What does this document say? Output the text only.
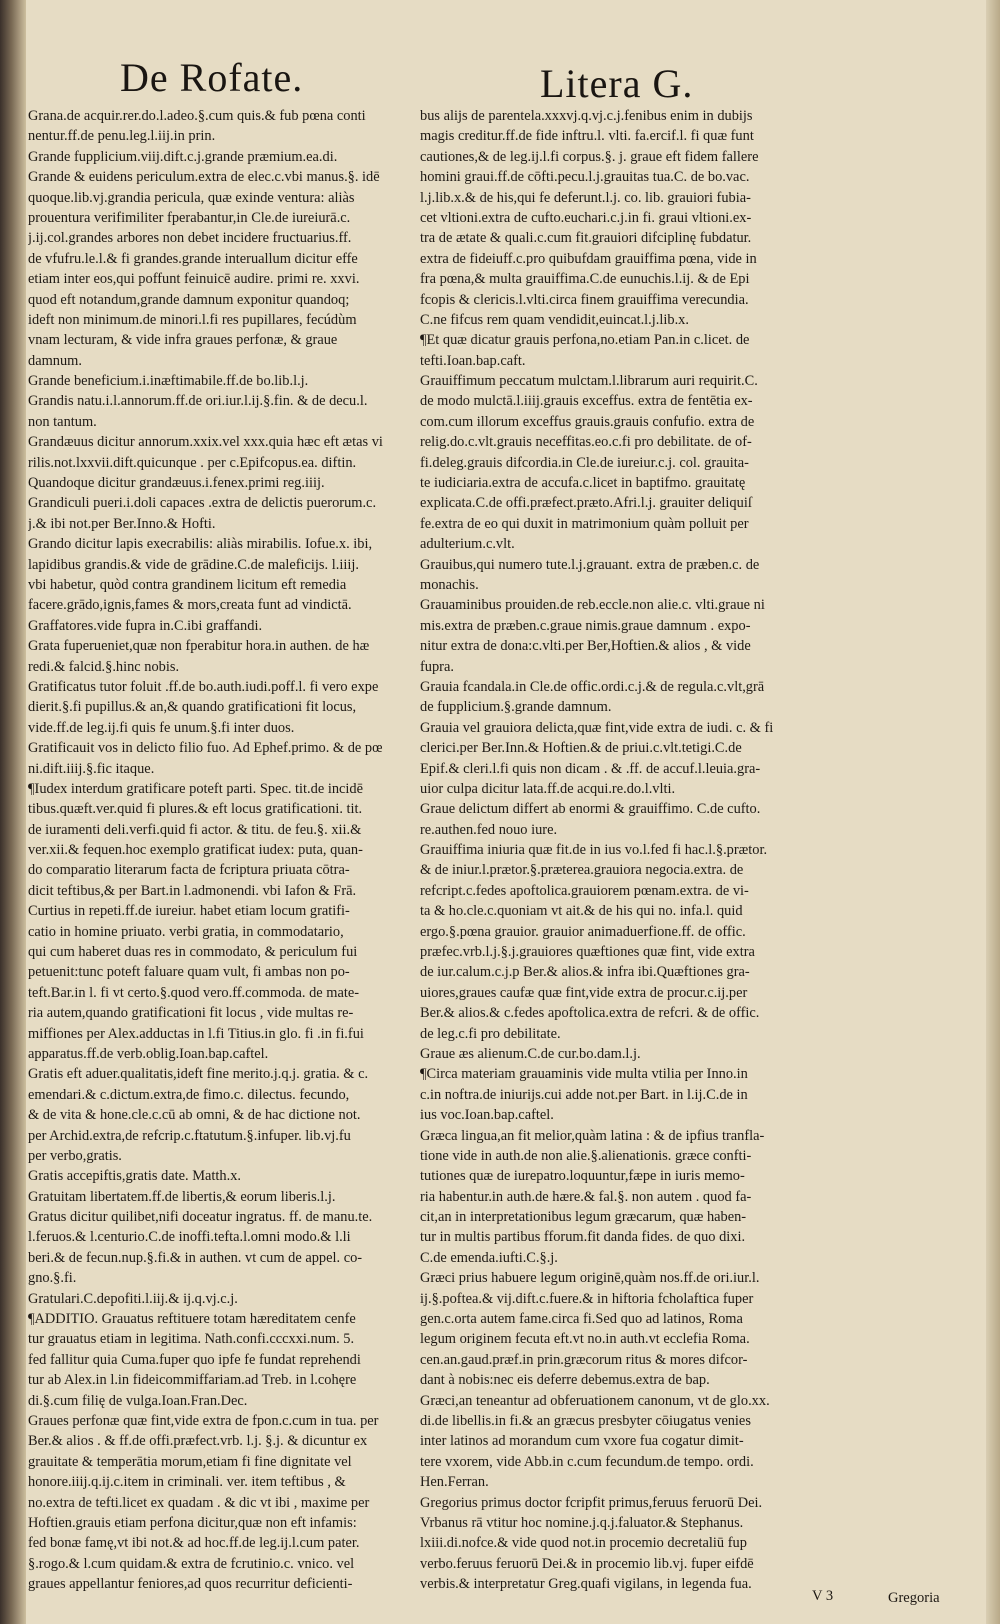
De Rofate.	Litera G.
Grana.de acquir.rer.do.l.adeo.§.cum quis.& fub pœna conti
nentur.ff.de penu.leg.l.iij.in prin.
Grande fupplicium.viij.dift.c.j.grande præmium.ea.di.
Grande & euidens periculum.extra de elec.c.vbi manus.§. idē
quoque.lib.vj.grandia pericula, quæ exinde ventura: aliàs
prouentura verifimiliter fperabantur,in Cle.de iureiurā.c.
j.ij.col.grandes arbores non debet incidere fructuarius.ff.
de vfufru.le.l.& fi grandes.grande interuallum dicitur effe
etiam inter eos,qui poffunt feinuicē audire. primi re. xxvi.
quod eft notandum,grande damnum exponitur quandoq;
ideft non minimum.de minori.l.fi res pupillares, fecúdùm
vnam lecturam, & vide infra graues perfonæ, & graue
damnum.
Grande beneficium.i.inæftimabile.ff.de bo.lib.l.j.
Grandis natu.i.l.annorum.ff.de ori.iur.l.ij.§.fin. & de decu.l.
non tantum.
Grandæuus dicitur annorum.xxix.vel xxx.quia hæc eft ætas vi
rilis.not.lxxvii.dift.quicunque . per c.Epifcopus.ea. diftin.
Quandoque dicitur grandæuus.i.fenex.primi reg.iiij.
Grandiculi pueri.i.doli capaces .extra de delictis puerorum.c.
j.& ibi not.per Ber.Inno.& Hofti.
Grando dicitur lapis execrabilis: aliàs mirabilis. Iofue.x. ibi,
lapidibus grandis.& vide de grādine.C.de maleficijs. l.iiij.
vbi habetur, quòd contra grandinem licitum eft remedia
facere.grādo,ignis,fames & mors,creata funt ad vindictā.
Graffatores.vide fupra in.C.ibi graffandi.
Grata fuperueniet,quæ non fperabitur hora.in authen. de hæ
redi.& falcid.§.hinc nobis.
Gratificatus tutor foluit .ff.de bo.auth.iudi.poff.l. fi vero expe
dierit.§.fi pupillus.& an,& quando gratificationi fit locus,
vide.ff.de leg.ij.fi quis fe unum.§.fi inter duos.
Gratificauit vos in delicto filio fuo. Ad Ephef.primo. & de pœ
ni.dift.iiij.§.fic itaque.
¶Iudex interdum gratificare poteft parti. Spec. tit.de incidē
tibus.quæft.ver.quid fi plures.& eft locus gratificationi. tit.
de iuramenti deli.verfi.quid fi actor. & titu. de feu.§. xii.&
ver.xii.& fequen.hoc exemplo gratificat iudex: puta, quan-
do comparatio literarum facta de fcriptura priuata cōtra-
dicit teftibus,& per Bart.in l.admonendi. vbi Iafon & Frā.
Curtius in repeti.ff.de iureiur. habet etiam locum gratifi-
catio in homine priuato. verbi gratia, in commodatario,
qui cum haberet duas res in commodato, & periculum fui
petuenit:tunc poteft faluare quam vult, fi ambas non po-
teft.Bar.in l. fi vt certo.§.quod vero.ff.commoda. de mate-
ria autem,quando gratificationi fit locus , vide multas re-
miffiones per Alex.adductas in l.fi Titius.in glo. fi .in fi.fui
apparatus.ff.de verb.oblig.Ioan.bap.caftel.
Gratis eft aduer.qualitatis,ideft fine merito.j.q.j. gratia. & c.
emendari.& c.dictum.extra,de fimo.c. dilectus. fecundo,
& de vita & hone.cle.c.cū ab omni, & de hac dictione not.
per Archid.extra,de refcrip.c.ftatutum.§.infuper. lib.vj.fu
per verbo,gratis.
Gratis accepiftis,gratis date. Matth.x.
Gratuitam libertatem.ff.de libertis,& eorum liberis.l.j.
Gratus dicitur quilibet,nifi doceatur ingratus. ff. de manu.te.
l.feruos.& l.centurio.C.de inoffi.tefta.l.omni modo.& l.li
beri.& de fecun.nup.§.fi.& in authen. vt cum de appel. co-
gno.§.fi.
Gratulari.C.depofiti.l.iij.& ij.q.vj.c.j.
¶ADDITIO. Grauatus reftituere totam hæreditatem cenfe
tur grauatus etiam in legitima. Nath.confi.cccxxi.num. 5.
fed fallitur quia Cuma.fuper quo ipfe fe fundat reprehendi
tur ab Alex.in l.in fideicommiffariam.ad Treb. in l.cohęre
di.§.cum filię de vulga.Ioan.Fran.Dec.
Graues perfonæ quæ fint,vide extra de fpon.c.cum in tua. per
Ber.& alios . & ff.de offi.præfect.vrb. l.j. §.j. & dicuntur ex
grauitate & temperātia morum,etiam fi fine dignitate vel
honore.iiij.q.ij.c.item in criminali. ver. item teftibus , &
no.extra de tefti.licet ex quadam . & dic vt ibi , maxime per
Hoftien.grauis etiam perfona dicitur,quæ non eft infamis:
fed bonæ famę,vt ibi not.& ad hoc.ff.de leg.ij.l.cum pater.
§.rogo.& l.cum quidam.& extra de fcrutinio.c. vnico. vel
graues appellantur feniores,ad quos recurritur deficienti-
bus alijs de parentela.xxxvj.q.vj.c.j.fenibus enim in dubijs
magis creditur.ff.de fide inftru.l. vlti. fa.ercif.l. fi quæ funt
cautiones,& de leg.ij.l.fi corpus.§. j. graue eft fidem fallere
homini graui.ff.de cōfti.pecu.l.j.grauitas tua.C. de bo.vac.
l.j.lib.x.& de his,qui fe deferunt.l.j. co. lib. grauiori fubia-
cet vltioni.extra de cufto.euchari.c.j.in fi. graui vltioni.ex-
tra de ætate & quali.c.cum fit.grauiori difciplinę fubdatur.
extra de fideiuff.c.pro quibufdam grauiffima pœna, vide in
fra pœna,& multa grauiffima.C.de eunuchis.l.ij. & de Epi
fcopis & clericis.l.vlti.circa finem grauiffima verecundia.
C.ne fifcus rem quam vendidit,euincat.l.j.lib.x.
¶Et quæ dicatur grauis perfona,no.etiam Pan.in c.licet. de
tefti.Ioan.bap.caft.
Grauiffimum peccatum mulctam.l.librarum auri requirit.C.
de modo mulctā.l.iiij.grauis exceffus. extra de fentētia ex-
com.cum illorum exceffus grauis.grauis confufio. extra de
relig.do.c.vlt.grauis neceffitas.eo.c.fi pro debilitate. de of-
fi.deleg.grauis difcordia.in Cle.de iureiur.c.j. col. grauita-
te iudiciaria.extra de accufa.c.licet in baptifmo. grauitatę
explicata.C.de offi.præfect.præto.Afri.l.j. grauiter deliquiſ
fe.extra de eo qui duxit in matrimonium quàm polluit per
adulterium.c.vlt.
Grauibus,qui numero tute.l.j.grauant. extra de præben.c. de
monachis.
Grauaminibus prouiden.de reb.eccle.non alie.c. vlti.graue ni
mis.extra de præben.c.graue nimis.graue damnum . expo-
nitur extra de dona:c.vlti.per Ber,Hoftien.& alios , & vide
fupra.
Grauia fcandala.in Cle.de offic.ordi.c.j.& de regula.c.vlt,grā
de fupplicium.§.grande damnum.
Grauia vel grauiora delicta,quæ fint,vide extra de iudi. c. & fi
clerici.per Ber.Inn.& Hoftien.& de priui.c.vlt.tetigi.C.de
Epif.& cleri.l.fi quis non dicam . & .ff. de accuf.l.leuia.gra-
uior culpa dicitur lata.ff.de acqui.re.do.l.vlti.
Graue delictum differt ab enormi & grauiffimo. C.de cufto.
re.authen.fed nouo iure.
Grauiffima iniuria quæ fit.de in ius vo.l.fed fi hac.l.§.prætor.
& de iniur.l.prætor.§.præterea.grauiora negocia.extra. de
refcript.c.fedes apoftolica.grauiorem pœnam.extra. de vi-
ta & ho.cle.c.quoniam vt ait.& de his qui no. infa.l. quid
ergo.§.pœna grauior. grauior animaduerfione.ff. de offic.
præfec.vrb.l.j.§.j.grauiores quæftiones quæ fint, vide extra
de iur.calum.c.j.p Ber.& alios.& infra ibi.Quæftiones gra-
uiores,graues caufæ quæ fint,vide extra de procur.c.ij.per
Ber.& alios.& c.fedes apoftolica.extra de refcri. & de offic.
de leg.c.fi pro debilitate.
Graue æs alienum.C.de cur.bo.dam.l.j.
¶Circa materiam grauaminis vide multa vtilia per Inno.in
c.in noftra.de iniurijs.cui adde not.per Bart. in l.ij.C.de in
ius voc.Ioan.bap.caftel.
Græca lingua,an fit melior,quàm latina : & de ipfius tranfla-
tione vide in auth.de non alie.§.alienationis. græce confti-
tutiones quæ de iurepatro.loquuntur,fæpe in iuris memo-
ria habentur.in auth.de hære.& fal.§. non autem . quod fa-
cit,an in interpretationibus legum græcarum, quæ haben-
tur in multis partibus fforum.fit danda fides. de quo dixi.
C.de emenda.iufti.C.§.j.
Græci prius habuere legum originē,quàm nos.ff.de ori.iur.l.
ij.§.poftea.& vij.dift.c.fuere.& in hiftoria fcholaftica fuper
gen.c.orta autem fame.circa fi.Sed quo ad latinos, Roma
legum originem fecuta eft.vt no.in auth.vt ecclefia Roma.
cen.an.gaud.præf.in prin.græcorum ritus & mores difcor-
dant à nobis:nec eis deferre debemus.extra de bap.
Græci,an teneantur ad obferuationem canonum, vt de glo.xx.
di.de libellis.in fi.& an græcus presbyter cōiugatus venies
inter latinos ad morandum cum vxore fua cogatur dimit-
tere vxorem, vide Abb.in c.cum fecundum.de tempo. ordi.
Hen.Ferran.
Gregorius primus doctor fcripfit primus,feruus feruorū Dei.
Vrbanus rā vtitur hoc nomine.j.q.j.faluator.& Stephanus.
lxiii.di.nofce.& vide quod not.in procemio decretaliū fup
verbo.feruus feruorū Dei.& in procemio lib.vj. fuper eifdē
verbis.& interpretatur Greg.quafi vigilans, in legenda fua.
V 3	Gregoria
